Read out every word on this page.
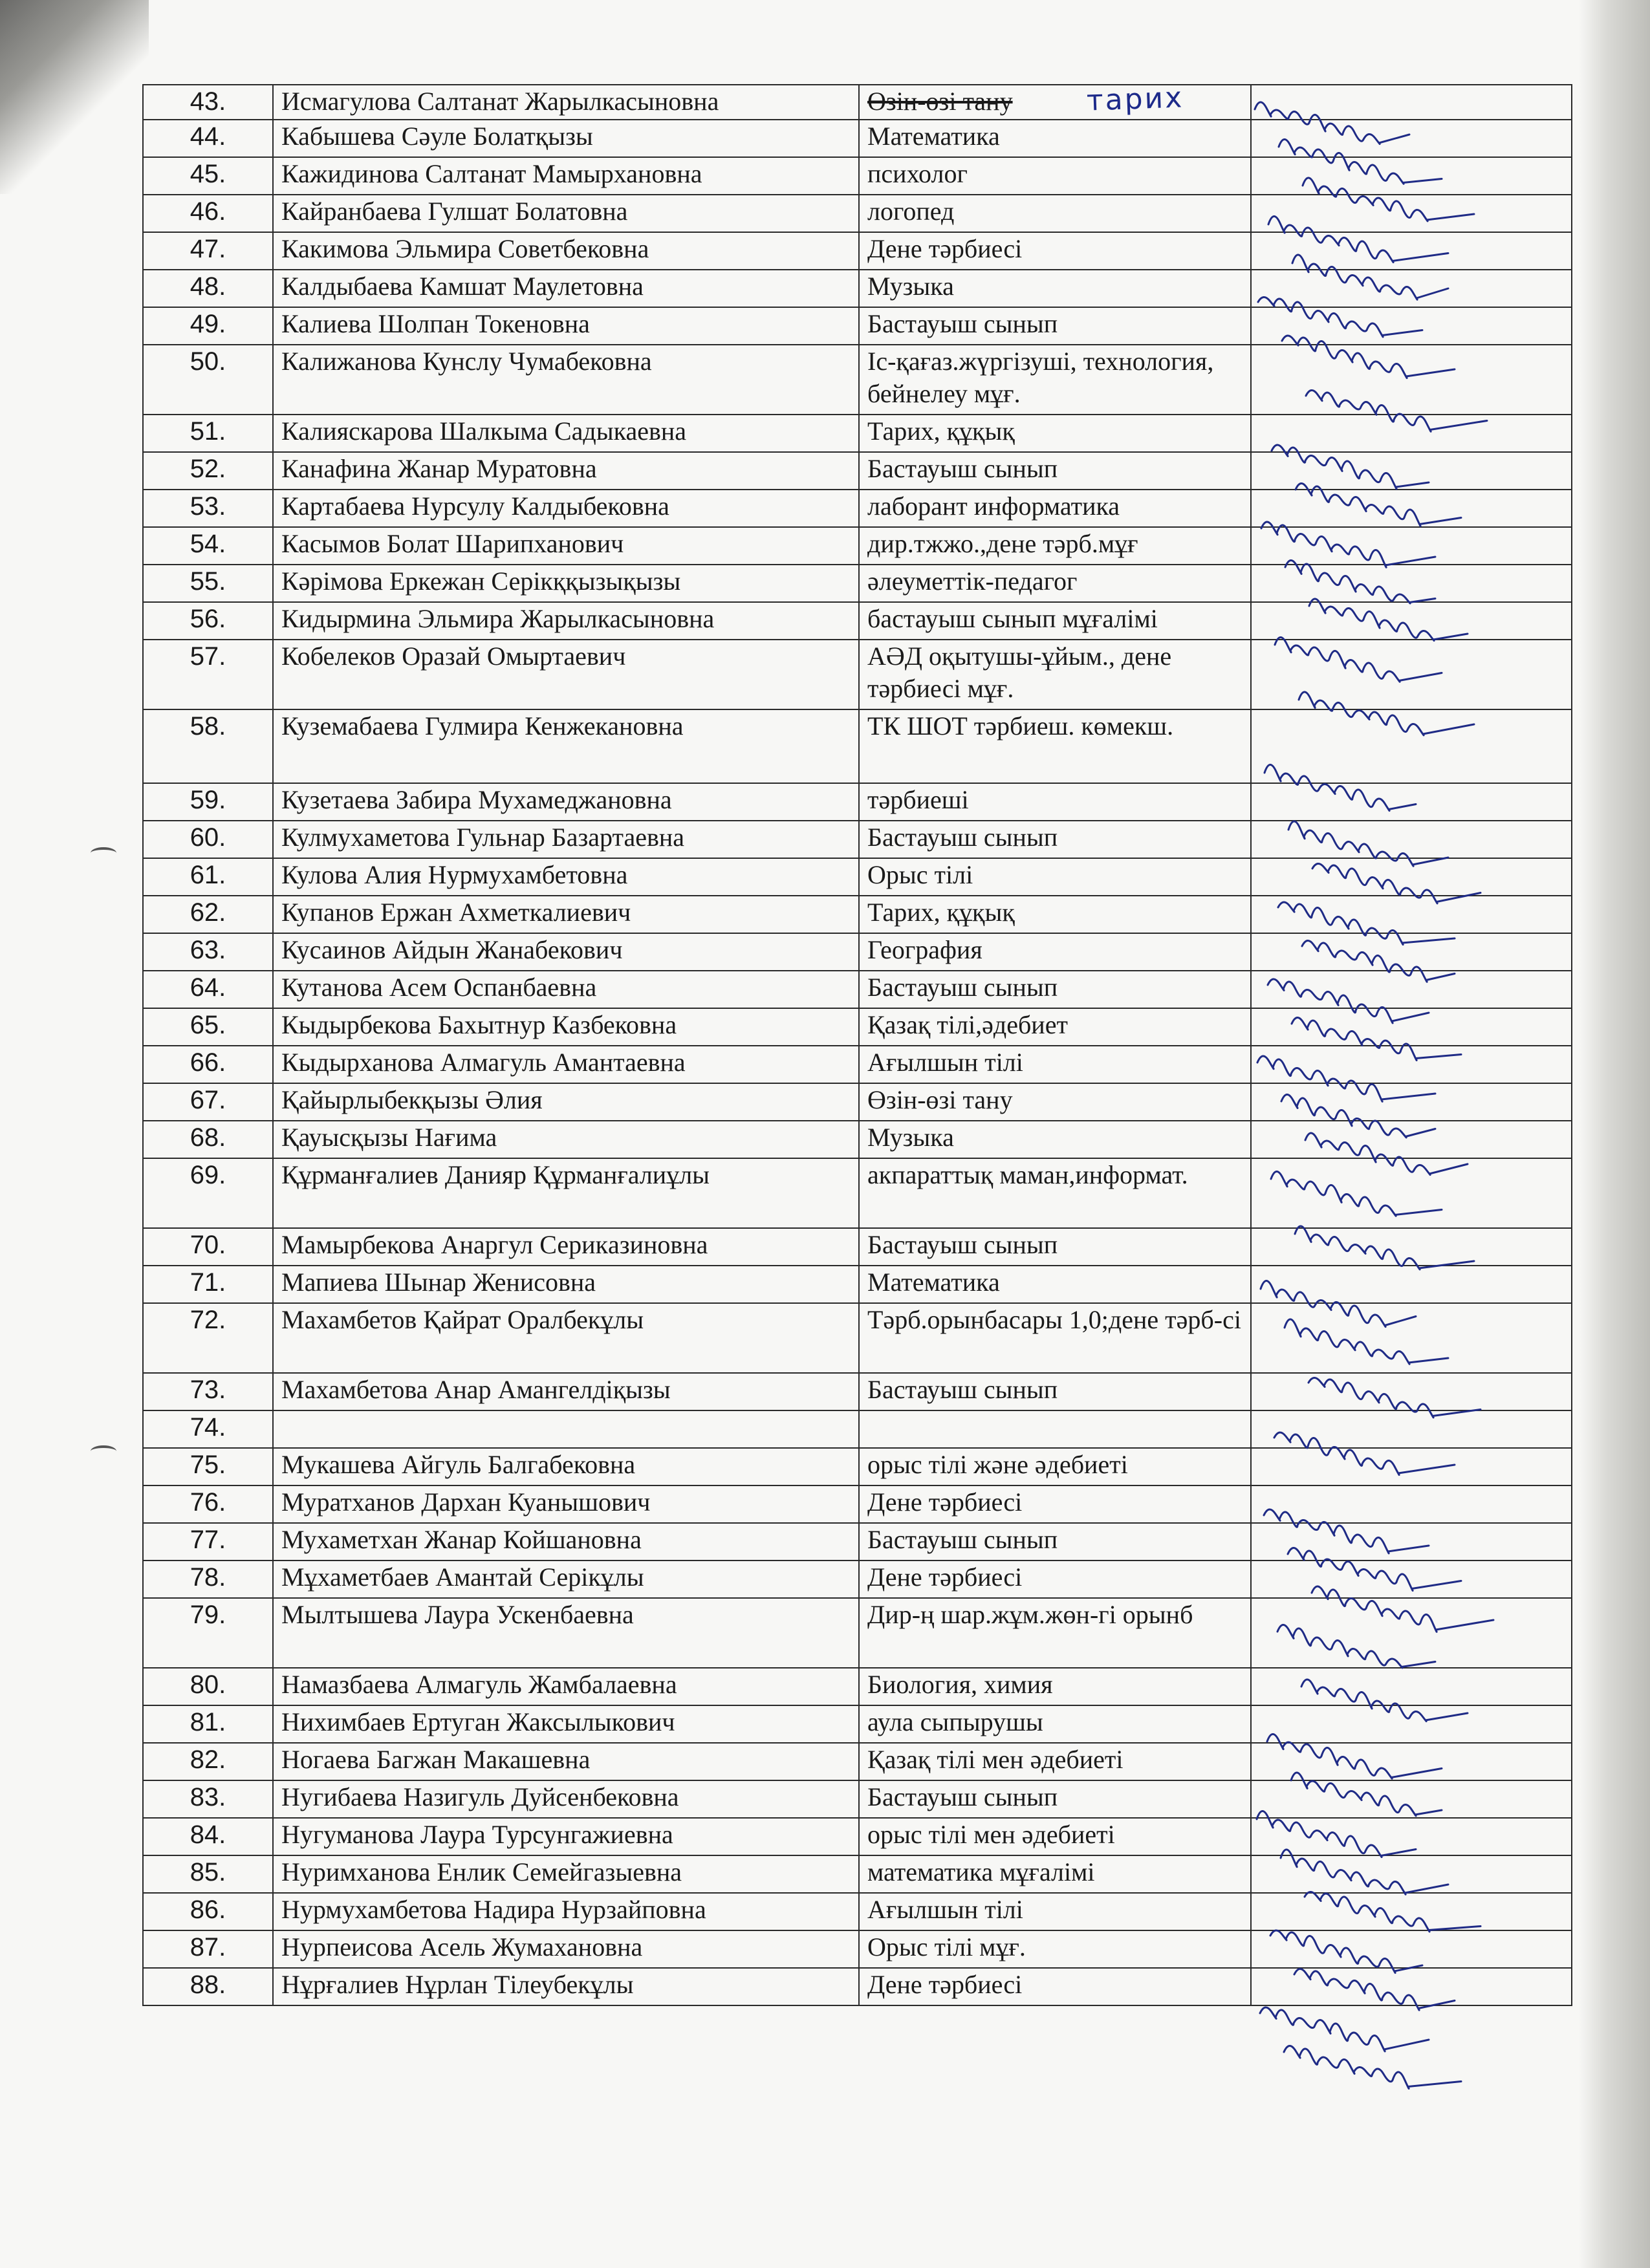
43.	Исмагулова Салтанат Жарылкасыновна	Өзін-өзі тану	
44.	Кабышева Сәуле Болатқызы	Математика	
45.	Кажидинова Салтанат Мамырхановна	психолог	
46.	Кайранбаева Гулшат Болатовна	логопед	
47.	Какимова Эльмира Советбековна	Дене тәрбиесі	
48.	Калдыбаева Камшат Маулетовна	Музыка	
49.	Калиева Шолпан Токеновна	Бастауыш сынып	
50.	Калижанова Кунслу Чумабековна	Іс-қағаз.жүргізуші, технология, бейнелеу мұғ.	
51.	Калияскарова Шалкыма Садыкаевна	Тарих, құқық	
52.	Канафина Жанар Муратовна	Бастауыш сынып	
53.	Картабаева Нурсулу Калдыбековна	лаборант информатика	
54.	Касымов Болат Шарипханович	дир.тжжо.,дене тәрб.мұғ	
55.	Кәрімова Еркежан Серікққызықызы	әлеуметтік-педагог	
56.	Кидырмина Эльмира Жарылкасыновна	бастауыш сынып мұғалімі	
57.	Кобелеков Оразай Омыртаевич	АӘД оқытушы-ұйым., дене тәрбиесі мұғ.	
58.	Куземабаева Гулмира Кенжекановна	ТК ШОТ тәрбиеш. көмекш.	
59.	Кузетаева Забира Мухамеджановна	тәрбиеші	
60.	Кулмухаметова Гульнар Базартаевна	Бастауыш сынып	
61.	Кулова Алия Нурмухамбетовна	Орыс тілі	
62.	Купанов Ержан Ахметкалиевич	Тарих, құқық	
63.	Кусаинов Айдын Жанабекович	География	
64.	Кутанова Асем Оспанбаевна	Бастауыш сынып	
65.	Кыдырбекова Бахытнур Казбековна	Қазақ тілі,әдебиет	
66.	Кыдырханова Алмагуль Амантаевна	Ағылшын тілі	
67.	Қайырлыбекқызы Әлия	Өзін-өзі тану	
68.	Қауысқызы Нағима	Музыка	
69.	Құрманғалиев Данияр Құрманғалиұлы	акпараттық маман,информат.	
70.	Мамырбекова Анаргул Серикaзиновна	Бастауыш сынып	
71.	Мапиева Шынар Женисовна	Математика	
72.	Махамбетов Қайрат Оралбекұлы	Тәрб.орынбасары 1,0;дене тәрб-сі	
73.	Махамбетова Анар Амангелдіқызы	Бастауыш сынып	
74.			
75.	Мукашева Айгуль Балгабековна	орыс тілі және әдебиеті	
76.	Муратханов Дархан Куанышович	Дене тәрбиесі	
77.	Мухаметхан Жанар Койшановна	Бастауыш сынып	
78.	Мұхаметбаев Амантай Серікұлы	Дене тәрбиесі	
79.	Мылтышева Лаура Ускенбаевна	Дир-ң шар.жұм.жөн-гі орынб	
80.	Намазбаева Алмагуль Жамбалаевна	Биология, химия	
81.	Нихимбаев Ертуган Жаксылыкович	аула сыпырушы	
82.	Ногаева Багжан Макашевна	Қазақ тілі мен әдебиеті	
83.	Нугибаева Назигуль Дуйсенбековна	Бастауыш сынып	
84.	Нугуманова Лаура Турсунгажиевна	орыс тілі мен әдебиеті	
85.	Нуримханова Енлик Семейгазыевна	математика мұғалімі	
86.	Нурмухамбетова Надира Нурзайповна	Ағылшын тілі	
87.	Нурпеисова Асель Жумахановна	Орыс тілі мұғ.	
88.	Нұрғалиев Нұрлан Тілеубекұлы	Дене тәрбиесі	
тарих
